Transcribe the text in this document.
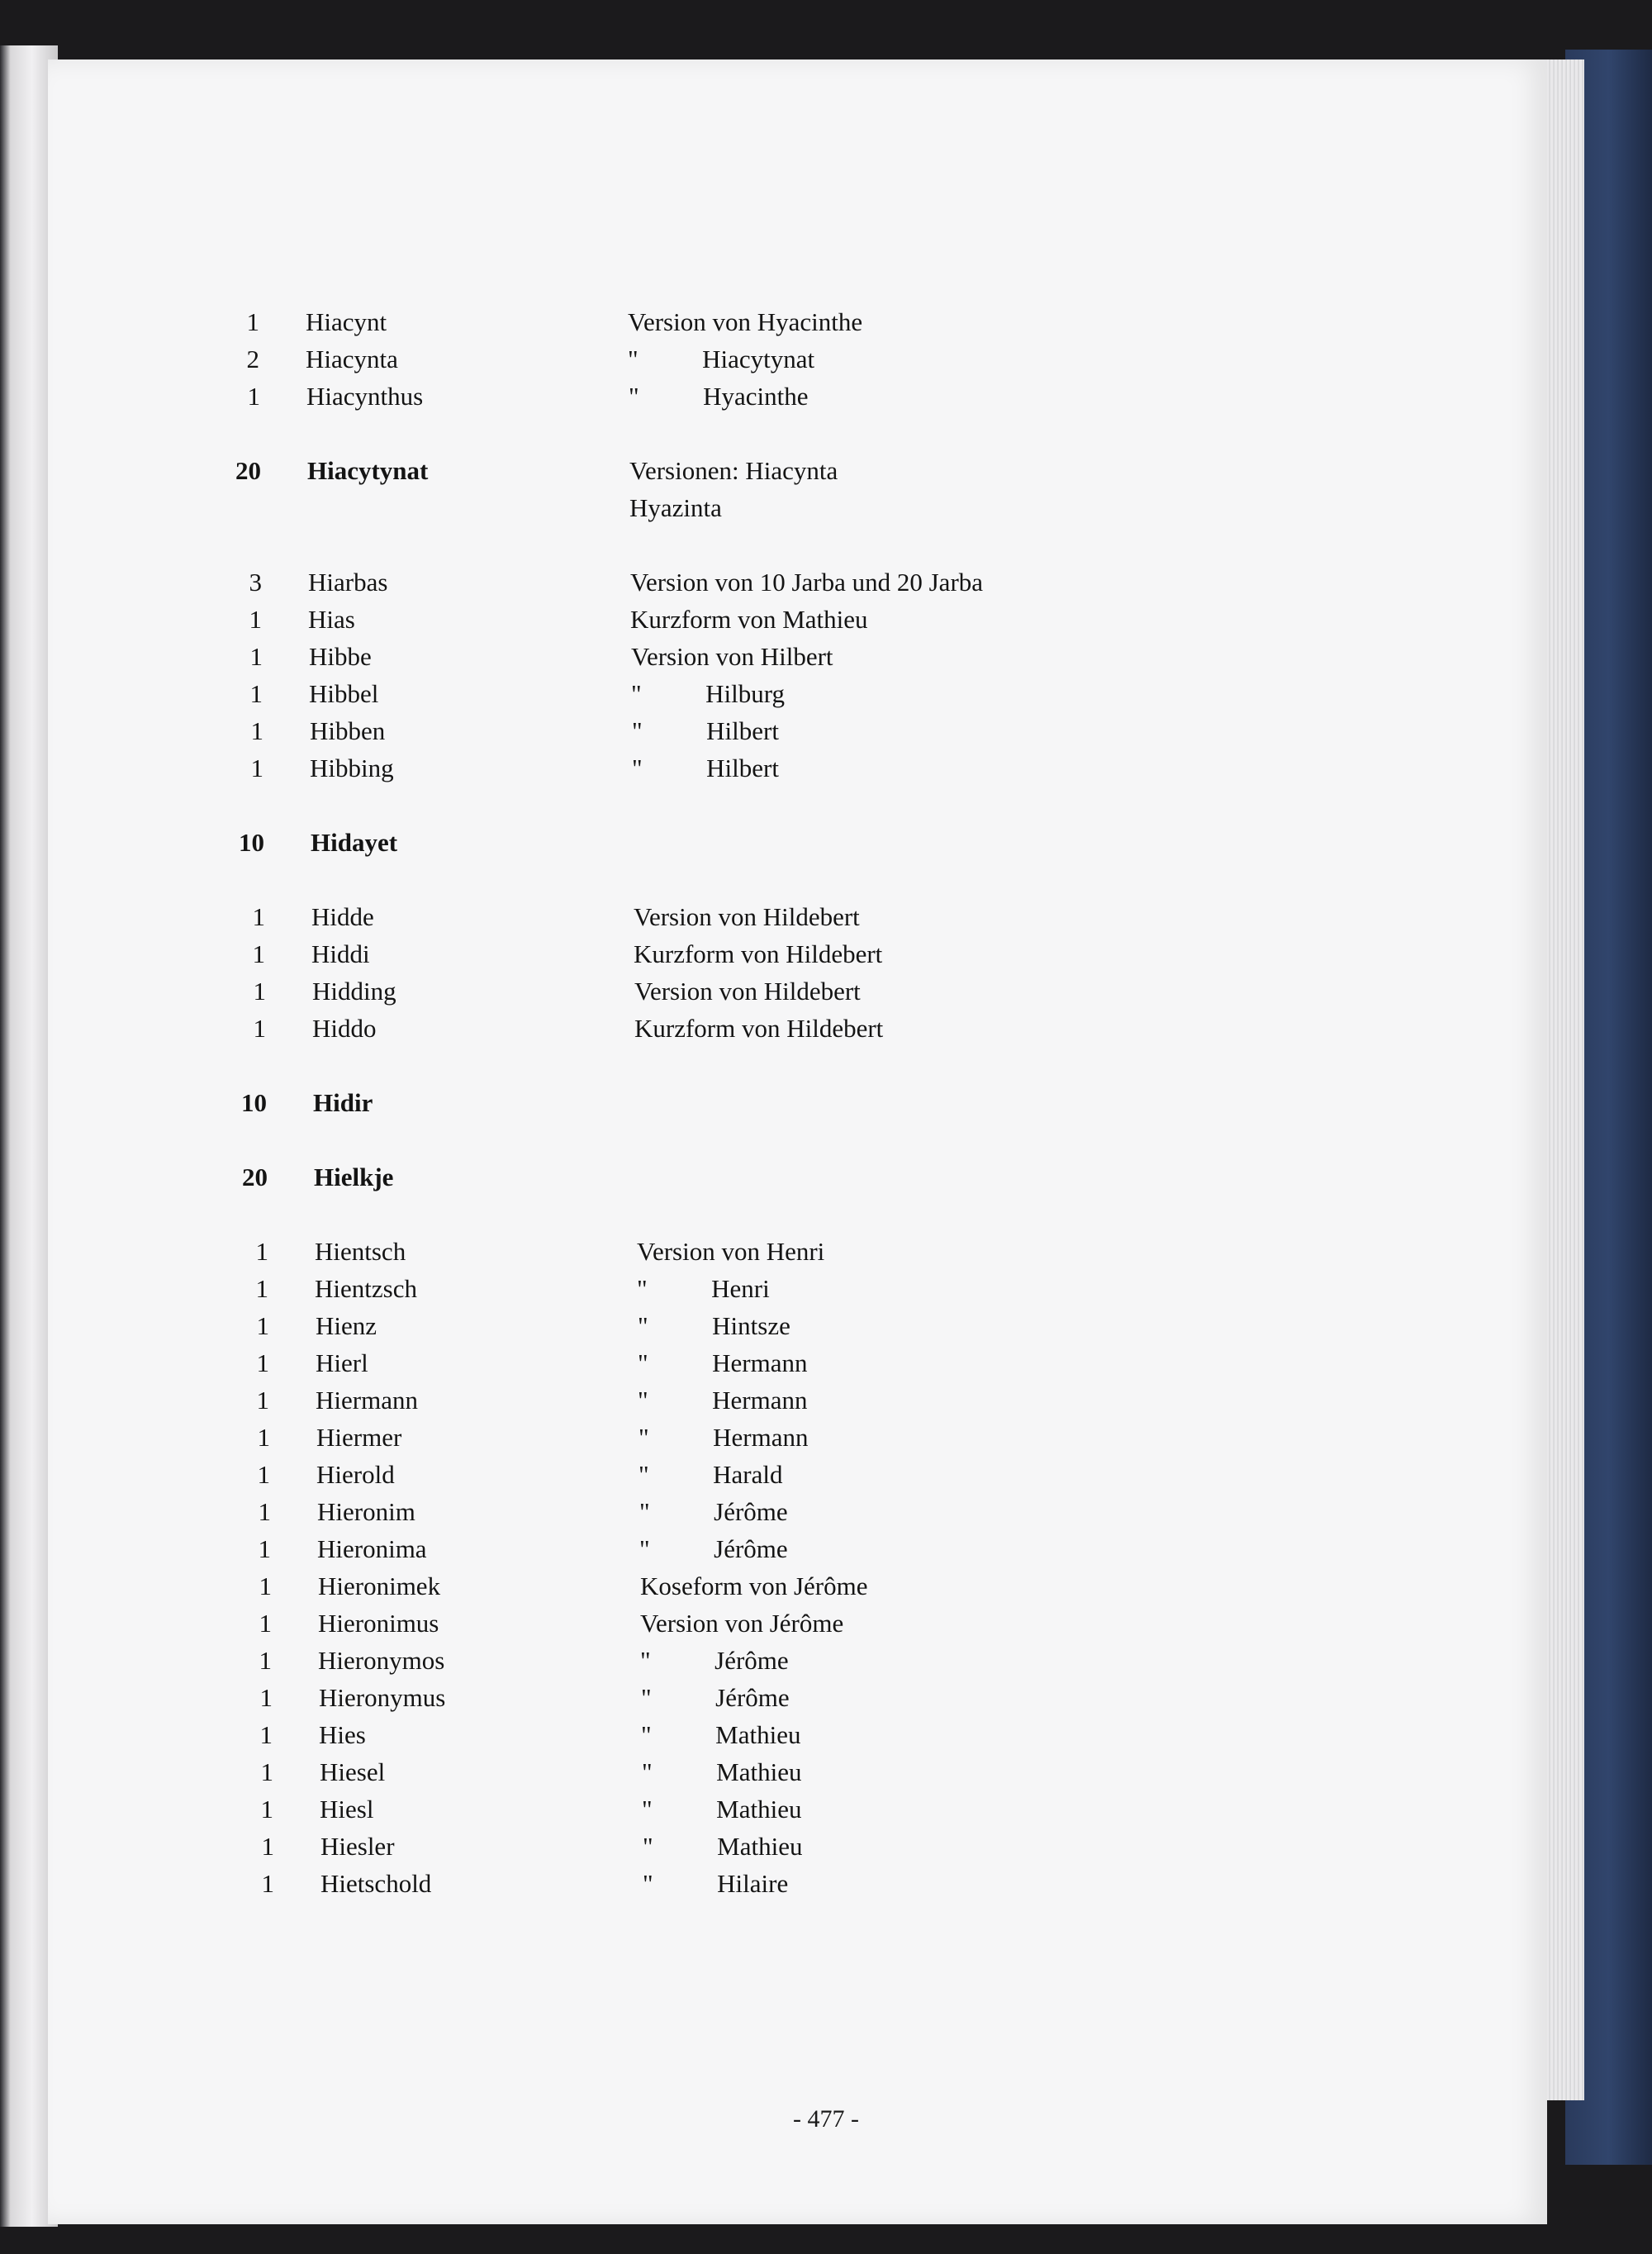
1 Hiacynt	Version von Hyacinthe
2 Hiacynta	"          Hiacytynat
1 Hiacynthus	"          Hyacinthe
20 Hiacytynat	Versionen: Hiacynta
Hyazinta
3 Hiarbas	Version von 10 Jarba und 20 Jarba
1 Hias	Kurzform von Mathieu
1 Hibbe	Version von Hilbert
1 Hibbel	"          Hilburg
1 Hibben	"          Hilbert
1 Hibbing	"          Hilbert
10 Hidayet
1 Hidde	Version von Hildebert
1 Hiddi	Kurzform von Hildebert
1 Hidding	Version von Hildebert
1 Hiddo	Kurzform von Hildebert
10 Hidir
20 Hielkje
1 Hientsch	Version von Henri
1 Hientzsch	"          Henri
1 Hienz	"          Hintsze
1 Hierl	"          Hermann
1 Hiermann	"          Hermann
1 Hiermer	"          Hermann
1 Hierold	"          Harald
1 Hieronim	"          Jérôme
1 Hieronima	"          Jérôme
1 Hieronimek	Koseform von Jérôme
1 Hieronimus	Version von Jérôme
1 Hieronymos	"          Jérôme
1 Hieronymus	"          Jérôme
1 Hies	"          Mathieu
1 Hiesel	"          Mathieu
1 Hiesl	"          Mathieu
1 Hiesler	"          Mathieu
1 Hietschold	"          Hilaire
- 477 -
